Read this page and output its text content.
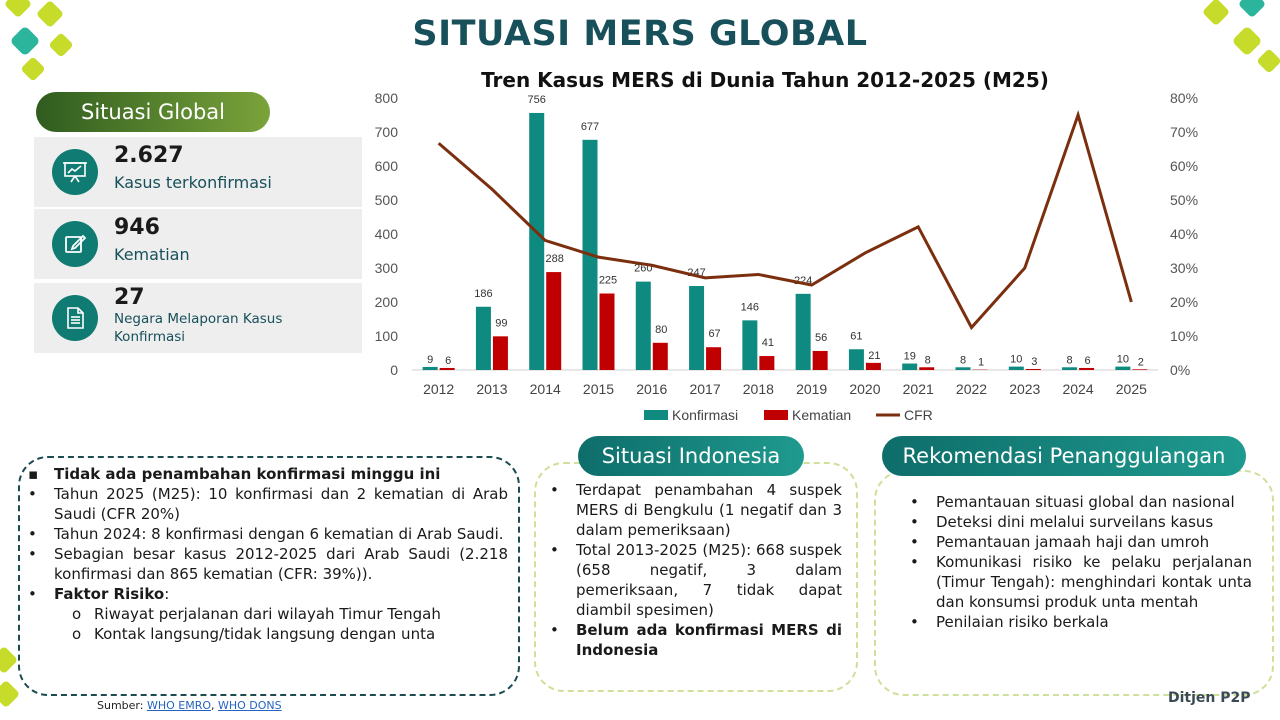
SITUASI MERS GLOBAL
Tren Kasus MERS di Dunia Tahun 2012-2025 (M25)
Situasi Global
2.627
Kasus terkonfirmasi
946
Kematian
27
Negara Melaporan Kasus Konfirmasi
0
100
200
300
400
500
600
700
800
0%
10%
20%
30%
40%
50%
60%
70%
80%
2012
9 6
2013
186
99
2014
756
288
2015
677
225
2016
260
80
2017
247
67
2018
146
41
2019
224
56
2020
61
21
2021
19 8
2022
8 1
2023
10 3
2024
8 6
2025
10 2
Konfirmasi	Kematian	CFR
▪ Tidak ada penambahan konfirmasi minggu ini
• Tahun 2025 (M25): 10 konfirmasi dan 2 kematian di Arab Saudi (CFR 20%)
• Tahun 2024: 8 konfirmasi dengan 6 kematian di Arab Saudi.
• Sebagian besar kasus 2012-2025 dari Arab Saudi (2.218 konfirmasi dan 865 kematian (CFR: 39%)).
• Faktor Risiko:
o Riwayat perjalanan dari wilayah Timur Tengah
o Kontak langsung/tidak langsung dengan unta
Situasi Indonesia
• Terdapat penambahan 4 suspek MERS di Bengkulu (1 negatif dan 3 dalam pemeriksaan)
• Total 2013-2025 (M25): 668 suspek (658 negatif, 3 dalam pemeriksaan, 7 tidak dapat diambil spesimen)
• Belum ada konfirmasi MERS di Indonesia
Rekomendasi Penanggulangan
• Pemantauan situasi global dan nasional
• Deteksi dini melalui surveilans kasus
• Pemantauan jamaah haji dan umroh
• Komunikasi risiko ke pelaku perjalanan (Timur Tengah): menghindari kontak unta dan konsumsi produk unta mentah
• Penilaian risiko berkala
Ditjen P2P
Sumber: WHO EMRO, WHO DONS
